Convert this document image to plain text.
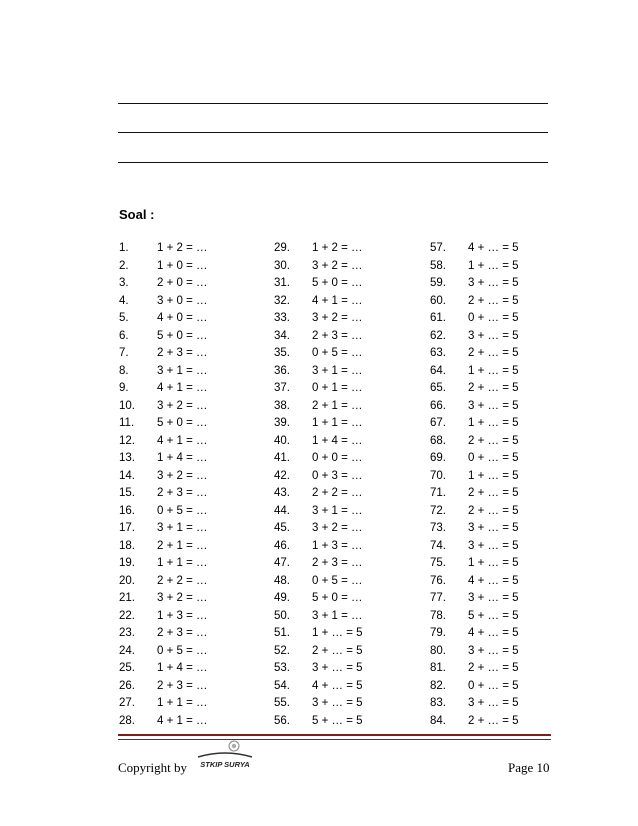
Soal :
1. 1 + 2 = …
2. 1 + 0 = …
3. 2 + 0 = …
4. 3 + 0 = …
5. 4 + 0 = …
6. 5 + 0 = …
7. 2 + 3 = …
8. 3 + 1 = …
9. 4 + 1 = …
10. 3 + 2 = …
11. 5 + 0 = …
12. 4 + 1 = …
13. 1 + 4 = …
14. 3 + 2 = …
15. 2 + 3 = …
16. 0 + 5 = …
17. 3 + 1 = …
18. 2 + 1 = …
19. 1 + 1 = …
20. 2 + 2 = …
21. 3 + 2 = …
22. 1 + 3 = …
23. 2 + 3 = …
24. 0 + 5 = …
25. 1 + 4 = …
26. 2 + 3 = …
27. 1 + 1 = …
28. 4 + 1 = …
29. 1 + 2 = …
30. 3 + 2 = …
31. 5 + 0 = …
32. 4 + 1 = …
33. 3 + 2 = …
34. 2 + 3 = …
35. 0 + 5 = …
36. 3 + 1 = …
37. 0 + 1 = …
38. 2 + 1 = …
39. 1 + 1 = …
40. 1 + 4 = …
41. 0 + 0 = …
42. 0 + 3 = …
43. 2 + 2 = …
44. 3 + 1 = …
45. 3 + 2 = …
46. 1 + 3 = …
47. 2 + 3 = …
48. 0 + 5 = …
49. 5 + 0 = …
50. 3 + 1 = …
51. 1 + … = 5
52. 2 + … = 5
53. 3 + … = 5
54. 4 + … = 5
55. 3 + … = 5
56. 5 + … = 5
57. 4 + … = 5
58. 1 + … = 5
59. 3 + … = 5
60. 2 + … = 5
61. 0 + … = 5
62. 3 + … = 5
63. 2 + … = 5
64. 1 + … = 5
65. 2 + … = 5
66. 3 + … = 5
67. 1 + … = 5
68. 2 + … = 5
69. 0 + … = 5
70. 1 + … = 5
71. 2 + … = 5
72. 2 + … = 5
73. 3 + … = 5
74. 3 + … = 5
75. 1 + … = 5
76. 4 + … = 5
77. 3 + … = 5
78. 5 + … = 5
79. 4 + … = 5
80. 3 + … = 5
81. 2 + … = 5
82. 0 + … = 5
83. 3 + … = 5
84. 2 + … = 5
Copyright by STKIP SURYA	Page 10
